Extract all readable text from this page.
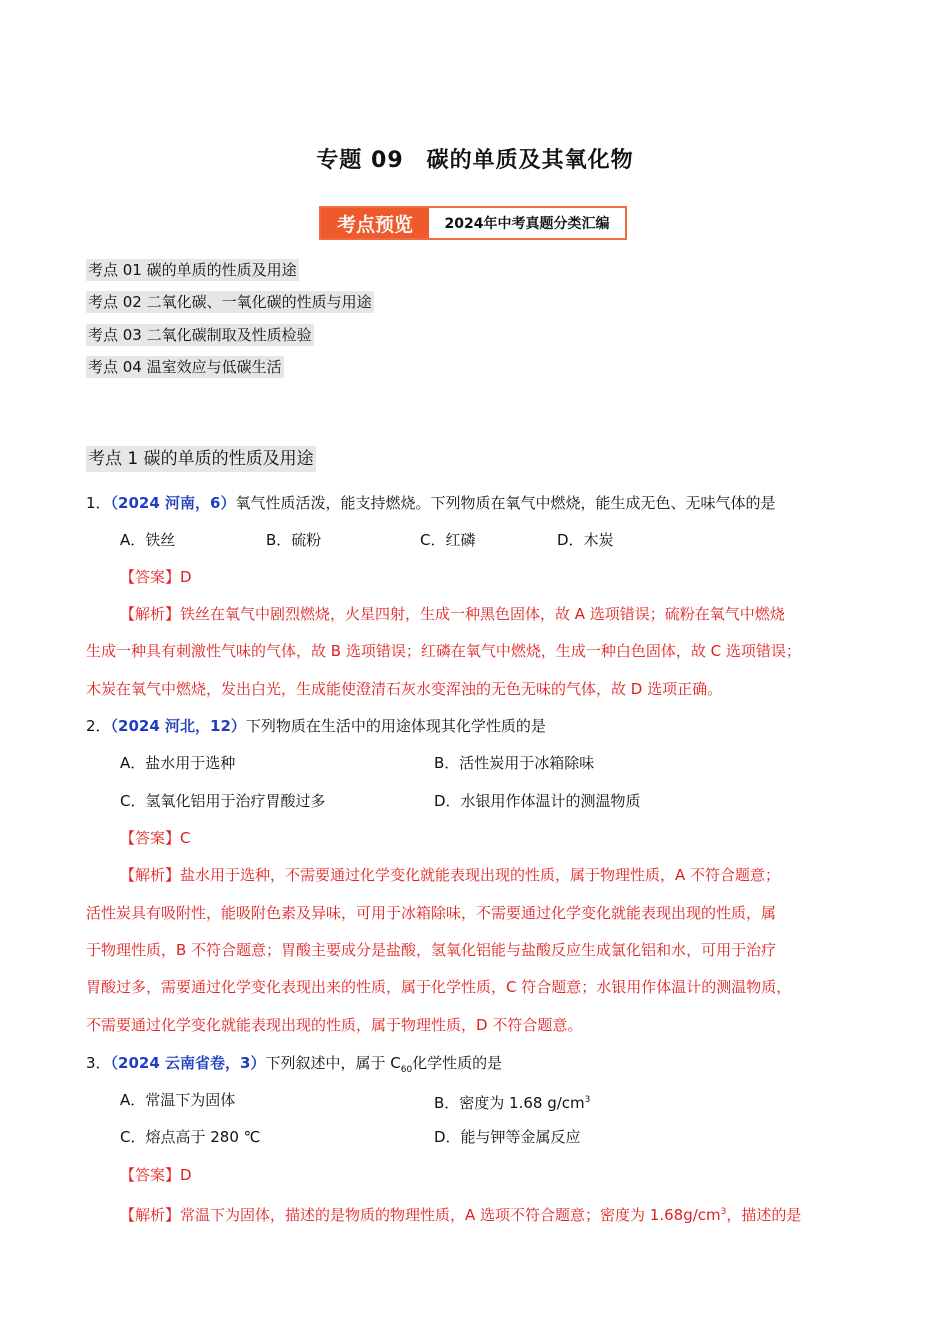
专题 09　碳的单质及其氧化物
考点预览	2024年中考真题分类汇编
考点 01 碳的单质的性质及用途
考点 02 二氧化碳、一氧化碳的性质与用途
考点 03 二氧化碳制取及性质检验
考点 04 温室效应与低碳生活
考点 1 碳的单质的性质及用途
1．（2024 河南，6）氧气性质活泼，能支持燃烧。下列物质在氧气中燃烧，能生成无色、无味气体的是
A．铁丝	B．硫粉	C．红磷	D．木炭
【答案】D
【解析】铁丝在氧气中剧烈燃烧，火星四射，生成一种黑色固体，故 A 选项错误；硫粉在氧气中燃烧
生成一种具有刺激性气味的气体，故 B 选项错误；红磷在氧气中燃烧，生成一种白色固体，故 C 选项错误；
木炭在氧气中燃烧，发出白光，生成能使澄清石灰水变浑浊的无色无味的气体，故 D 选项正确。
2．（2024 河北，12）下列物质在生活中的用途体现其化学性质的是
A．盐水用于选种	B．活性炭用于冰箱除味
C．氢氧化铝用于治疗胃酸过多	D．水银用作体温计的测温物质
【答案】C
【解析】盐水用于选种，不需要通过化学变化就能表现出现的性质，属于物理性质，A 不符合题意；
活性炭具有吸附性，能吸附色素及异味，可用于冰箱除味，不需要通过化学变化就能表现出现的性质，属
于物理性质，B 不符合题意；胃酸主要成分是盐酸，氢氧化铝能与盐酸反应生成氯化铝和水，可用于治疗
胃酸过多，需要通过化学变化表现出来的性质，属于化学性质，C 符合题意；水银用作体温计的测温物质，
不需要通过化学变化就能表现出现的性质，属于物理性质，D 不符合题意。
3．（2024 云南省卷，3）下列叙述中，属于 $C_{60}$化学性质的是
A．常温下为固体	B．密度为 1.68 $g/cm^3$
C．熔点高于 280 ℃	D．能与钾等金属反应
【答案】D
【解析】常温下为固体，描述的是物质的物理性质，A 选项不符合题意；密度为 $1.68g/cm^3$，描述的是
